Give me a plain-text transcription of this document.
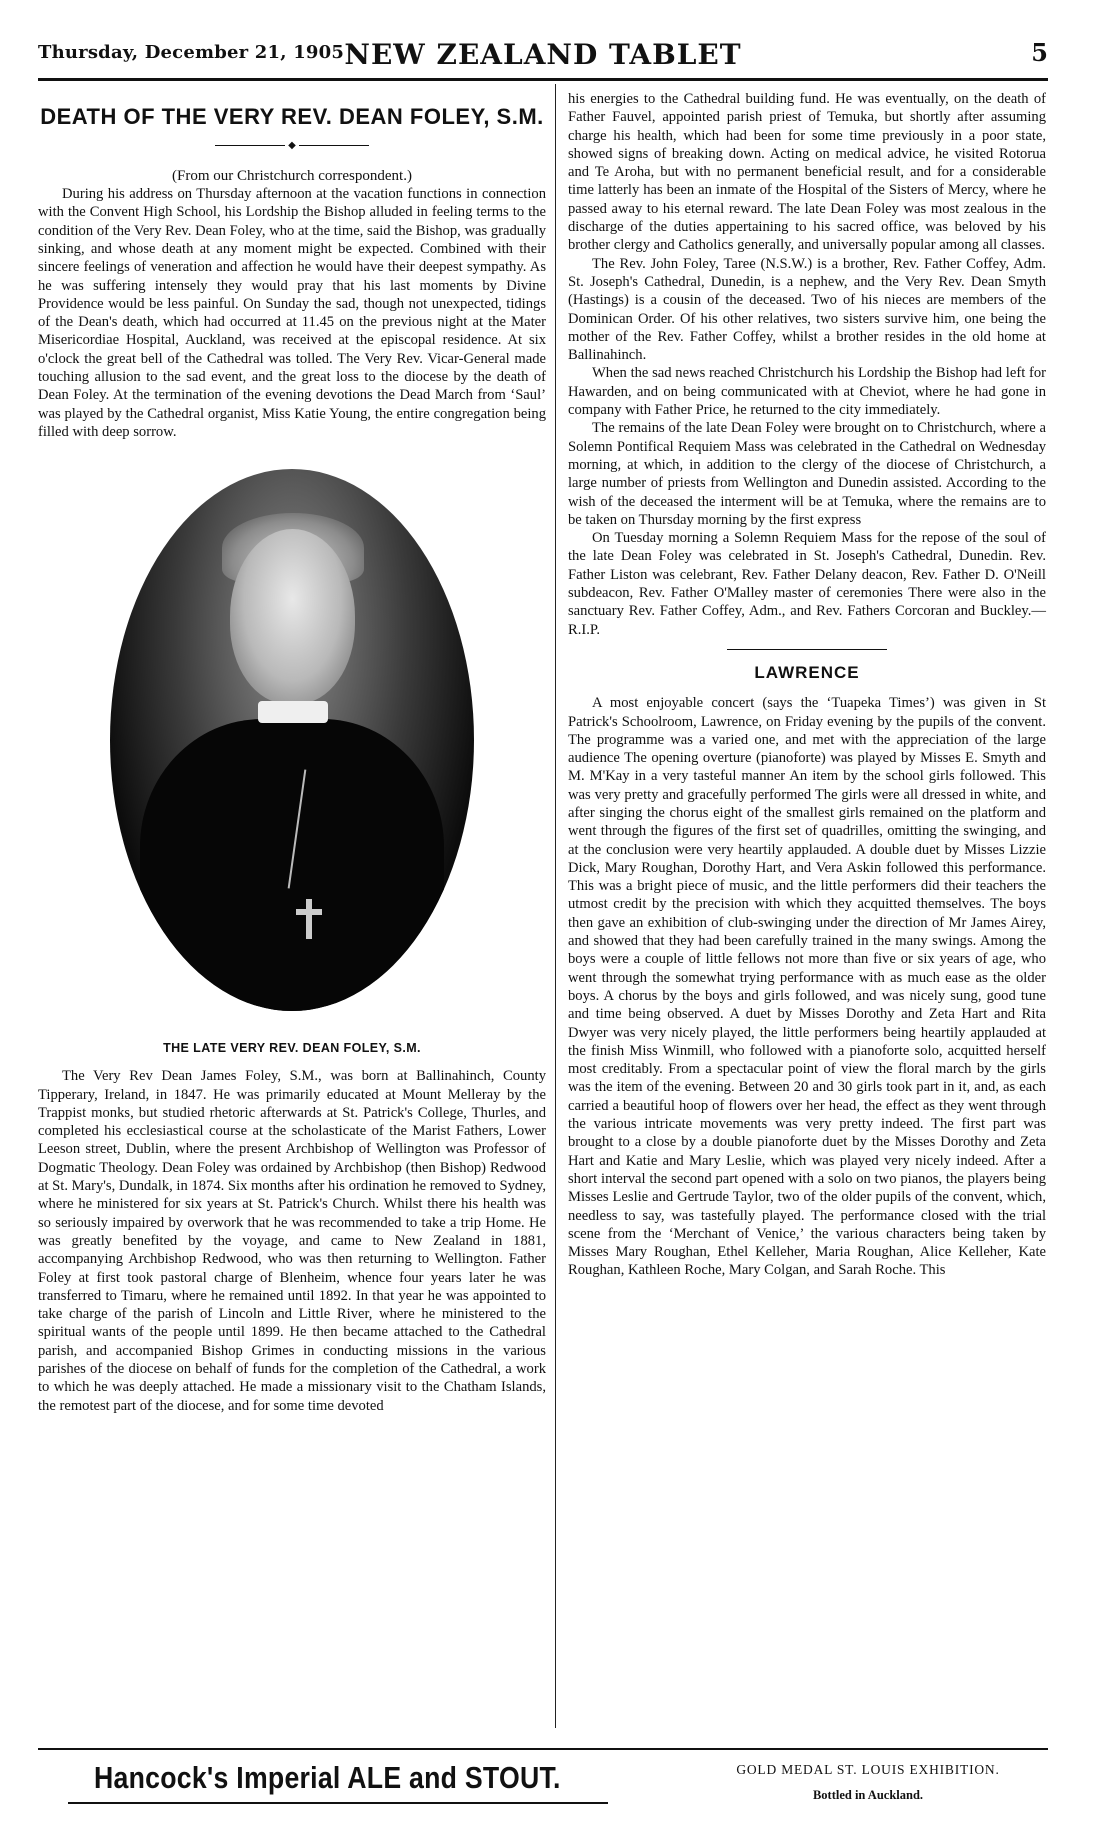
Thursday, December 21, 1905 NEW ZEALAND TABLET	5
DEATH OF THE VERY REV. DEAN FOLEY, S.M.
◆

(From our Christchurch correspondent.)

During his address on Thursday afternoon at the vacation functions in connection with the Convent High School, his Lordship the Bishop alluded in feeling terms to the condition of the Very Rev. Dean Foley, who at the time, said the Bishop, was gradually sinking, and whose death at any moment might be expected. Combined with their sincere feelings of veneration and affection he would have their deepest sympathy. As he was suffering intensely they would pray that his last moments by Divine Providence would be less painful. On Sunday the sad, though not unexpected, tidings of the Dean's death, which had occurred at 11.45 on the previous night at the Mater Misericordiae Hospital, Auckland, was received at the episcopal residence. At six o'clock the great bell of the Cathedral was tolled. The Very Rev. Vicar-General made touching allusion to the sad event, and the great loss to the diocese by the death of Dean Foley. At the termination of the evening devotions the Dead March from ‘Saul’ was played by the Cathedral organist, Miss Katie Young, the entire congregation being filled with deep sorrow.

THE LATE VERY REV. DEAN FOLEY, S.M.

The Very Rev Dean James Foley, S.M., was born at Ballinahinch, County Tipperary, Ireland, in 1847. He was primarily educated at Mount Melleray by the Trappist monks, but studied rhetoric afterwards at St. Patrick's College, Thurles, and completed his ecclesiastical course at the scholasticate of the Marist Fathers, Lower Leeson street, Dublin, where the present Archbishop of Wellington was Professor of Dogmatic Theology. Dean Foley was ordained by Archbishop (then Bishop) Redwood at St. Mary's, Dundalk, in 1874. Six months after his ordination he removed to Sydney, where he ministered for six years at St. Patrick's Church. Whilst there his health was so seriously impaired by overwork that he was recommended to take a trip Home. He was greatly benefited by the voyage, and came to New Zealand in 1881, accompanying Archbishop Redwood, who was then returning to Wellington. Father Foley at first took pastoral charge of Blenheim, whence four years later he was transferred to Timaru, where he remained until 1892. In that year he was appointed to take charge of the parish of Lincoln and Little River, where he ministered to the spiritual wants of the people until 1899. He then became attached to the Cathedral parish, and accompanied Bishop Grimes in conducting missions in the various parishes of the diocese on behalf of funds for the completion of the Cathedral, a work to which he was deeply attached. He made a missionary visit to the Chatham Islands, the remotest part of the diocese, and for some time devoted

his energies to the Cathedral building fund. He was eventually, on the death of Father Fauvel, appointed parish priest of Temuka, but shortly after assuming charge his health, which had been for some time previously in a poor state, showed signs of breaking down. Acting on medical advice, he visited Rotorua and Te Aroha, but with no permanent beneficial result, and for a considerable time latterly has been an inmate of the Hospital of the Sisters of Mercy, where he passed away to his eternal reward. The late Dean Foley was most zealous in the discharge of the duties appertaining to his sacred office, was beloved by his brother clergy and Catholics generally, and universally popular among all classes.

The Rev. John Foley, Taree (N.S.W.) is a brother, Rev. Father Coffey, Adm. St. Joseph's Cathedral, Dunedin, is a nephew, and the Very Rev. Dean Smyth (Hastings) is a cousin of the deceased. Two of his nieces are members of the Dominican Order. Of his other relatives, two sisters survive him, one being the mother of the Rev. Father Coffey, whilst a brother resides in the old home at Ballinahinch.

When the sad news reached Christchurch his Lordship the Bishop had left for Hawarden, and on being communicated with at Cheviot, where he had gone in company with Father Price, he returned to the city immediately.

The remains of the late Dean Foley were brought on to Christchurch, where a Solemn Pontifical Requiem Mass was celebrated in the Cathedral on Wednesday morning, at which, in addition to the clergy of the diocese of Christchurch, a large number of priests from Wellington and Dunedin assisted. According to the wish of the deceased the interment will be at Temuka, where the remains are to be taken on Thursday morning by the first express

On Tuesday morning a Solemn Requiem Mass for the repose of the soul of the late Dean Foley was celebrated in St. Joseph's Cathedral, Dunedin. Rev. Father Liston was celebrant, Rev. Father Delany deacon, Rev. Father D. O'Neill subdeacon, Rev. Father O'Malley master of ceremonies There were also in the sanctuary Rev. Father Coffey, Adm., and Rev. Fathers Corcoran and Buckley.—R.I.P.

LAWRENCE

A most enjoyable concert (says the ‘Tuapeka Times’) was given in St Patrick's Schoolroom, Lawrence, on Friday evening by the pupils of the convent. The programme was a varied one, and met with the appreciation of the large audience The opening overture (pianoforte) was played by Misses E. Smyth and M. M'Kay in a very tasteful manner An item by the school girls followed. This was very pretty and gracefully performed The girls were all dressed in white, and after singing the chorus eight of the smallest girls remained on the platform and went through the figures of the first set of quadrilles, omitting the swinging, and at the conclusion were very heartily applauded. A double duet by Misses Lizzie Dick, Mary Roughan, Dorothy Hart, and Vera Askin followed this performance. This was a bright piece of music, and the little performers did their teachers the utmost credit by the precision with which they acquitted themselves. The boys then gave an exhibition of club-swinging under the direction of Mr James Airey, and showed that they had been carefully trained in the many swings. Among the boys were a couple of little fellows not more than five or six years of age, who went through the somewhat trying performance with as much ease as the older boys. A chorus by the boys and girls followed, and was nicely sung, good tune and time being observed. A duet by Misses Dorothy and Zeta Hart and Rita Dwyer was very nicely played, the little performers being heartily applauded at the finish Miss Winmill, who followed with a pianoforte solo, acquitted herself most creditably. From a spectacular point of view the floral march by the girls was the item of the evening. Between 20 and 30 girls took part in it, and, as each carried a beautiful hoop of flowers over her head, the effect as they went through the various intricate movements was very pretty indeed. The first part was brought to a close by a double pianoforte duet by the Misses Dorothy and Zeta Hart and Katie and Mary Leslie, which was played very nicely indeed. After a short interval the second part opened with a solo on two pianos, the players being Misses Leslie and Gertrude Taylor, two of the older pupils of the convent, which, needless to say, was tastefully played. The performance closed with the trial scene from the ‘Merchant of Venice,’ the various characters being taken by Misses Mary Roughan, Ethel Kelleher, Maria Roughan, Alice Kelleher, Kate Roughan, Kathleen Roche, Mary Colgan, and Sarah Roche. This

Hancock's Imperial ALE and STOUT.	GOLD MEDAL ST. LOUIS EXHIBITION.
Bottled in Auckland.
